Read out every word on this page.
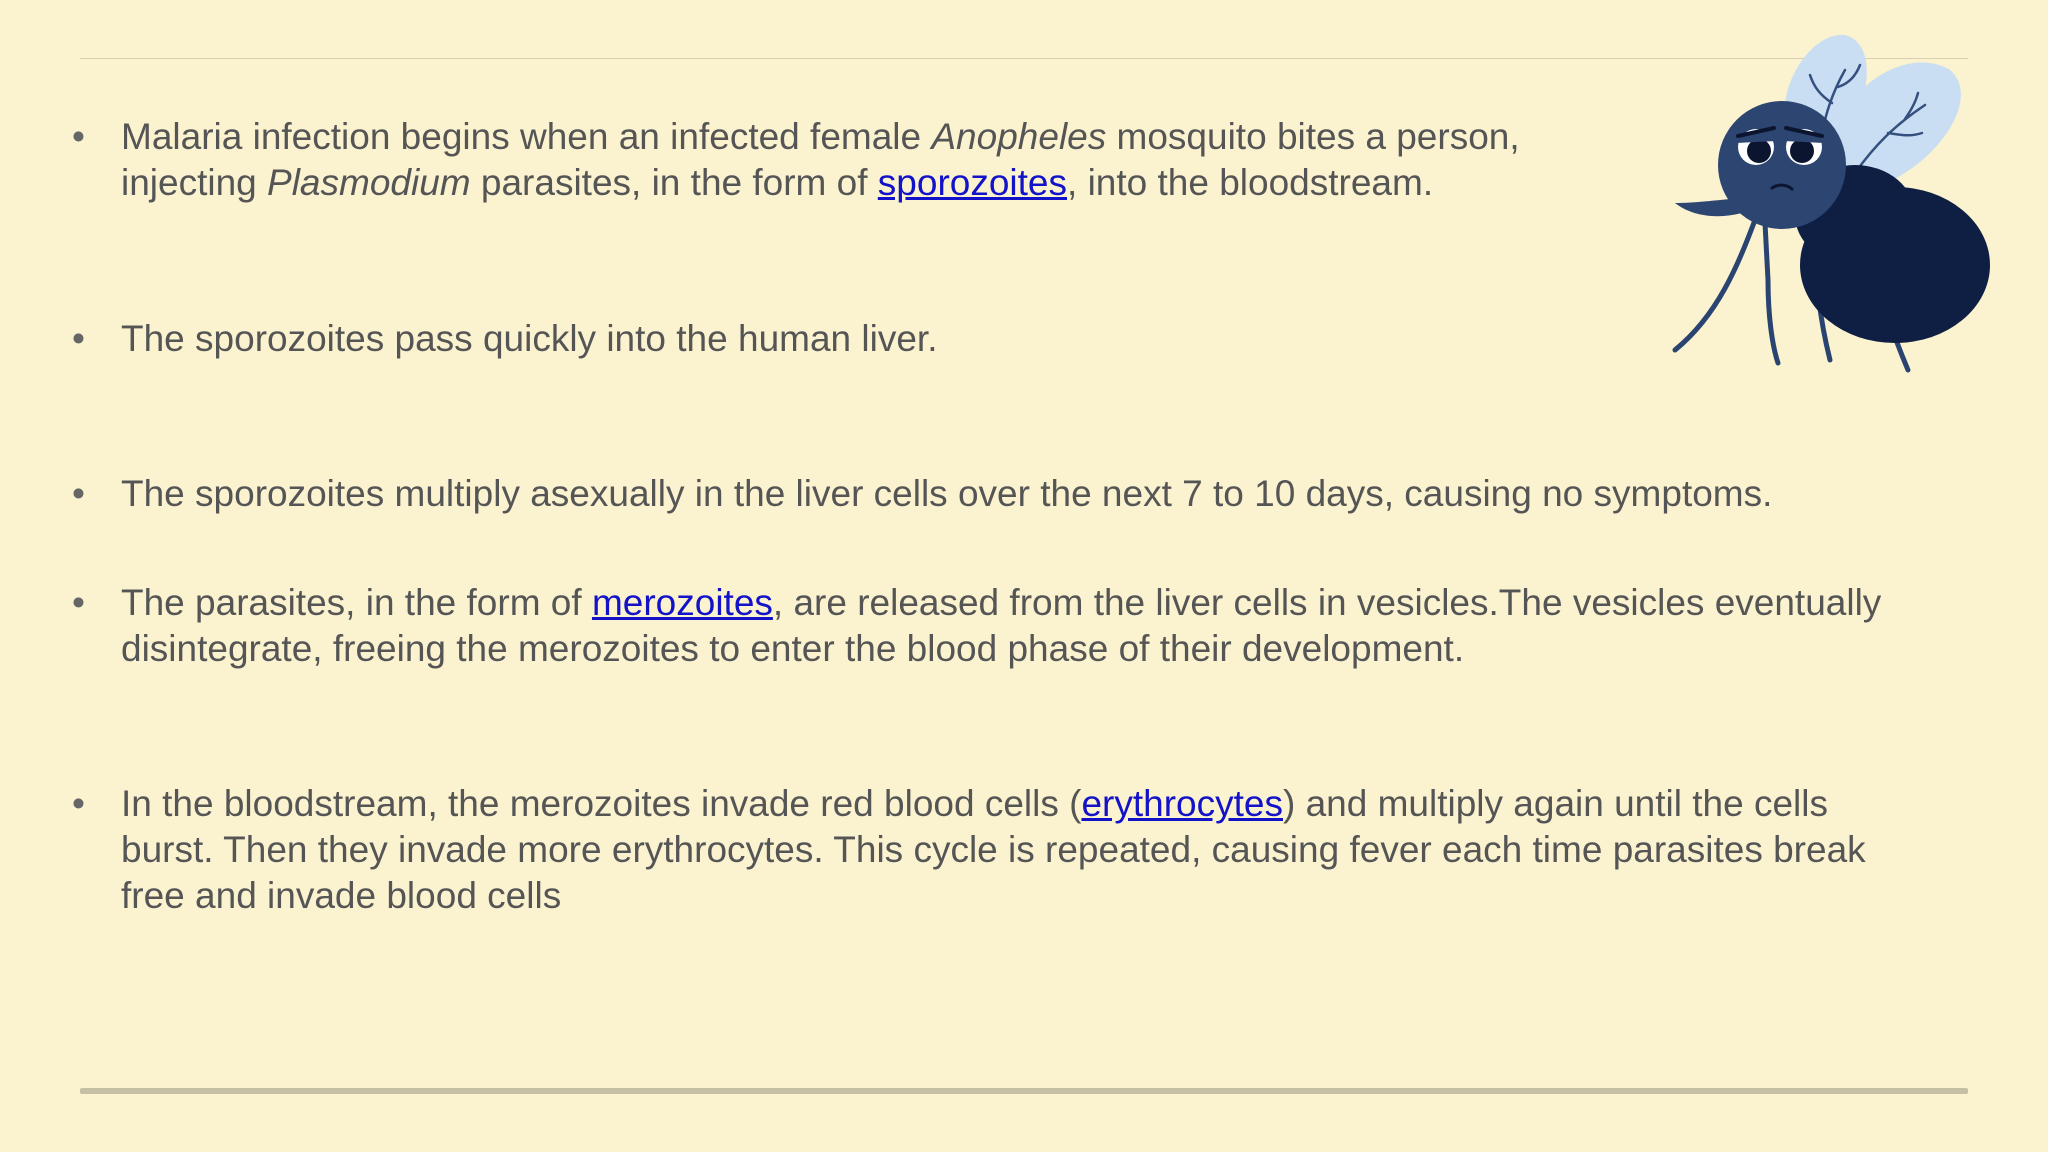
• Malaria infection begins when an infected female Anopheles mosquito bites a person,
injecting Plasmodium parasites, in the form of sporozoites, into the bloodstream.
• The sporozoites pass quickly into the human liver.
• The sporozoites multiply asexually in the liver cells over the next 7 to 10 days, causing no symptoms.
• The parasites, in the form of merozoites, are released from the liver cells in vesicles.The vesicles eventually
disintegrate, freeing the merozoites to enter the blood phase of their development.
• In the bloodstream, the merozoites invade red blood cells (erythrocytes) and multiply again until the cells
burst. Then they invade more erythrocytes. This cycle is repeated, causing fever each time parasites break
free and invade blood cells
